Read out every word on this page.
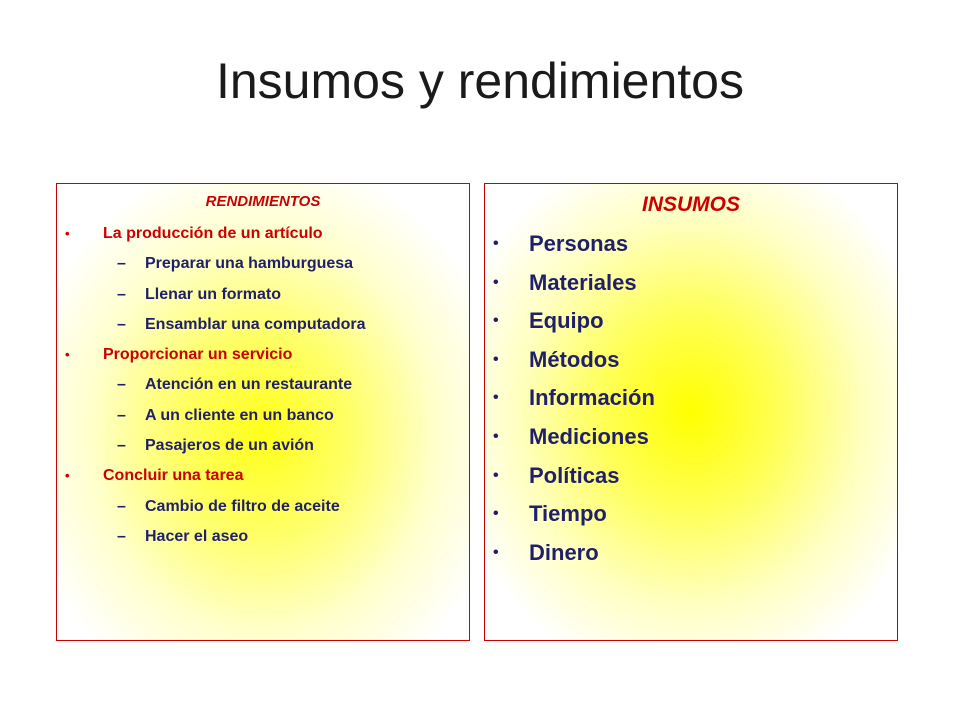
Insumos y rendimientos

RENDIMIENTOS

• La producción de un artículo
– Preparar una hamburguesa
– Llenar un formato
– Ensamblar una computadora
• Proporcionar un servicio
– Atención en un restaurante
– A un cliente en un banco
– Pasajeros de un avión
• Concluir una tarea
– Cambio de filtro de aceite
– Hacer el aseo

INSUMOS

• Personas
• Materiales
• Equipo
• Métodos
• Información
• Mediciones
• Políticas
• Tiempo
• Dinero
